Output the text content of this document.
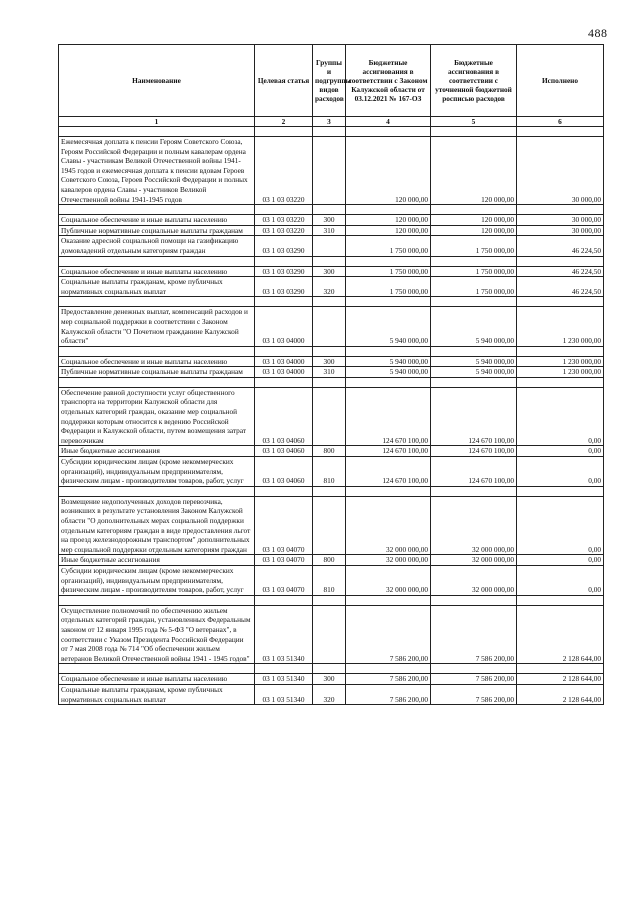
488
Наименование	Целевая статья	Группы и подгруппы видов расходов	Бюджетные ассигнования в соответствии с Законом Калужской области от 03.12.2021 № 167-ОЗ	Бюджетные ассигнования в соответствии с уточненной бюджетной росписью расходов	Исполнено
1	2	3	4	5	6

Ежемесячная доплата к пенсии Героям Советского Союза, Героям Российской Федерации и полным кавалерам ордена Славы - участникам Великой Отечественной войны 1941-1945 годов и ежемесячная доплата к пенсии вдовам Героев Советского Союза, Героев Российской Федерации и полных кавалеров ордена Славы - участников Великой Отечественной войны 1941-1945 годов	03 1 03 03220		120 000,00	120 000,00	30 000,00

Социальное обеспечение и иные выплаты населению	03 1 03 03220	300	120 000,00	120 000,00	30 000,00
Публичные нормативные социальные выплаты гражданам	03 1 03 03220	310	120 000,00	120 000,00	30 000,00
Оказание адресной социальной помощи на газификацию домовладений отдельным категориям граждан	03 1 03 03290		1 750 000,00	1 750 000,00	46 224,50

Социальное обеспечение и иные выплаты населению	03 1 03 03290	300	1 750 000,00	1 750 000,00	46 224,50
Социальные выплаты гражданам, кроме публичных нормативных социальных выплат	03 1 03 03290	320	1 750 000,00	1 750 000,00	46 224,50

Предоставление денежных выплат, компенсаций расходов и мер социальной поддержки в соответствии с Законом Калужской области "О Почетном гражданине Калужской области"	03 1 03 04000		5 940 000,00	5 940 000,00	1 230 000,00

Социальное обеспечение и иные выплаты населению	03 1 03 04000	300	5 940 000,00	5 940 000,00	1 230 000,00
Публичные нормативные социальные выплаты гражданам	03 1 03 04000	310	5 940 000,00	5 940 000,00	1 230 000,00

Обеспечение равной доступности услуг общественного транспорта на территории Калужской области для отдельных категорий граждан, оказание мер социальной поддержки которым относится к ведению Российской Федерации и Калужской области, путем возмещения затрат перевозчикам	03 1 03 04060		124 670 100,00	124 670 100,00	0,00
Иные бюджетные ассигнования	03 1 03 04060	800	124 670 100,00	124 670 100,00	0,00
Субсидии юридическим лицам (кроме некоммерческих организаций), индивидуальным предпринимателям, физическим лицам - производителям товаров, работ, услуг	03 1 03 04060	810	124 670 100,00	124 670 100,00	0,00

Возмещение недополученных доходов перевозчика, возникших в результате установления Законом Калужской области "О дополнительных мерах социальной поддержки отдельным категориям граждан в виде предоставления льгот на проезд железнодорожным транспортом" дополнительных мер социальной поддержки отдельным категориям граждан	03 1 03 04070		32 000 000,00	32 000 000,00	0,00
Иные бюджетные ассигнования	03 1 03 04070	800	32 000 000,00	32 000 000,00	0,00
Субсидии юридическим лицам (кроме некоммерческих организаций), индивидуальным предпринимателям, физическим лицам - производителям товаров, работ, услуг	03 1 03 04070	810	32 000 000,00	32 000 000,00	0,00

Осуществление полномочий по обеспечению жильем отдельных категорий граждан, установленных Федеральным законом от 12 января 1995 года № 5-ФЗ "О ветеранах", в соответствии с Указом Президента Российской Федерации от 7 мая 2008 года № 714 "Об обеспечении жильем ветеранов Великой Отечественной войны 1941 - 1945 годов"	03 1 03 51340		7 586 200,00	7 586 200,00	2 128 644,00

Социальное обеспечение и иные выплаты населению	03 1 03 51340	300	7 586 200,00	7 586 200,00	2 128 644,00
Социальные выплаты гражданам, кроме публичных нормативных социальных выплат	03 1 03 51340	320	7 586 200,00	7 586 200,00	2 128 644,00
